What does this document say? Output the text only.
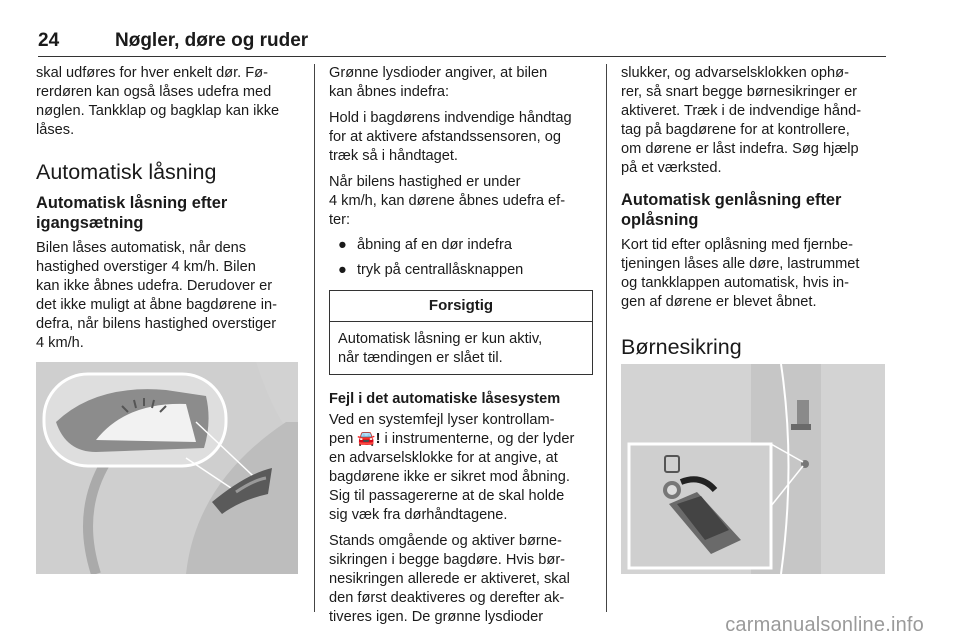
24	Nøgler, døre og ruder

skal udføres for hver enkelt dør. Fø-
rerdøren kan også låses udefra med
nøglen. Tankklap og bagklap kan ikke
låses.

Automatisk låsning
Automatisk låsning efter
igangsætning

Bilen låses automatisk, når dens
hastighed overstiger 4 km/h. Bilen
kan ikke åbnes udefra. Derudover er
det ikke muligt at åbne bagdørene in-
defra, når bilens hastighed overstiger
4 km/h.

Grønne lysdioder angiver, at bilen
kan åbnes indefra:

Hold i bagdørens indvendige håndtag
for at aktivere afstandssensoren, og
træk så i håndtaget.

Når bilens hastighed er under
4 km/h, kan dørene åbnes udefra ef-
ter:

● åbning af en dør indefra
● tryk på centrallåsknappen
Forsigtig
Automatisk låsning er kun aktiv,
når tændingen er slået til.
Fejl i det automatiske låsesystem

Ved en systemfejl lyser kontrollam-
pen 🚘! i instrumenterne, og der lyder
en advarselsklokke for at angive, at
bagdørene ikke er sikret mod åbning.
Sig til passagererne at de skal holde
sig væk fra dørhåndtagene.

Stands omgående og aktiver børne-
sikringen i begge bagdøre. Hvis bør-
nesikringen allerede er aktiveret, skal
den først deaktiveres og derefter ak-
tiveres igen. De grønne lysdioder

slukker, og advarselsklokken ophø-
rer, så snart begge børnesikringer er
aktiveret. Træk i de indvendige hånd-
tag på bagdørene for at kontrollere,
om dørene er låst indefra. Søg hjælp
på et værksted.

Automatisk genlåsning efter
oplåsning

Kort tid efter oplåsning med fjernbe-
tjeningen låses alle døre, lastrummet
og tankklappen automatisk, hvis in-
gen af dørene er blevet åbnet.

Børnesikring
carmanualsonline.info
